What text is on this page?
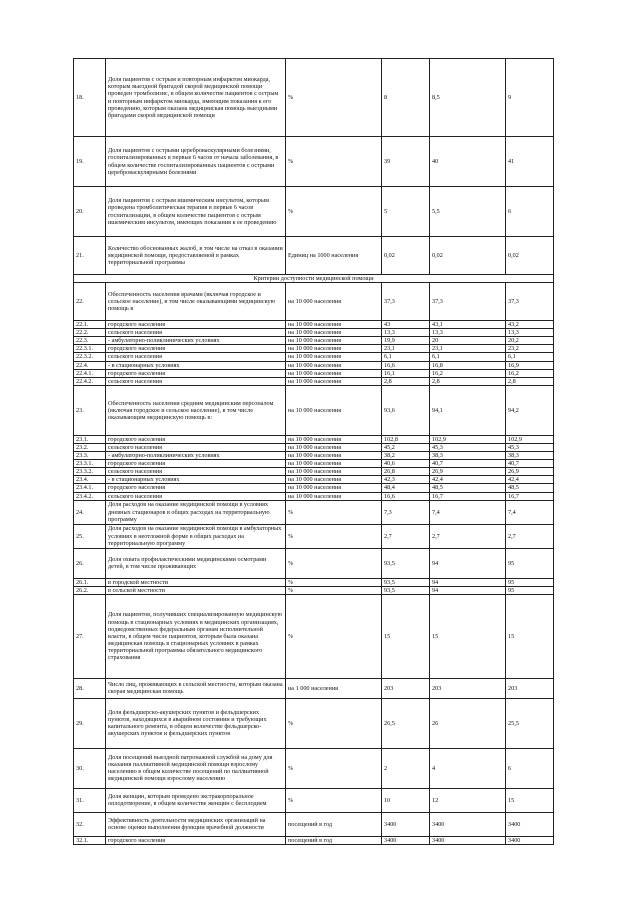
18.	Доля пациентов с острым и повторным инфарктом миокарда, которым выездной бригадой скорой медицинской помощи проведен тромболизис, в общем количестве пациентов с острым и повторным инфарктом миокарда, имеющим показания к его проведению, которым оказана медицинская помощь выездными бригадами скорой медицинской помощи	%	8	8,5	9
19.	Доля пациентов с острыми цереброваскулярными болезнями, госпитализированных в первые 6 часов от начала заболевания, в общем количестве госпитализированных пациентов с острыми цереброваскулярными болезнями	%	39	40	41
20.	Доля пациентов с острым ишемическим инсультом, которым проведена тромболитическая терапия в первые 6 часов госпитализации, в общем количестве пациентов с острым ишемическим инсультом, имеющих показания к ее проведению	%	5	5,5	6
21.	Количество обоснованных жалоб, в том числе на отказ в оказании медицинской помощи, предоставляемой в рамках территориальной программы	Единиц на 1000 населения	0,02	0,02	0,02
Критерии доступности медицинской помощи					
22.	Обеспеченность населения врачами (включая городское и сельское население), в том числе оказывающими медицинскую помощь в	на 10 000 населения	37,3	37,3	37,3
22.1.	городского населения	на 10 000 населения	43	43,1	43,2
22.2.	сельского населения	на 10 000 населения	13,3	13,3	13,3
22.3.	- амбулаторно-поликлинических условиях	на 10 000 населения	19,9	20	20,2
22.3.1.	городского населения	на 10 000 населения	23,1	23,1	23,2
22.3.2.	сельского населения	на 10 000 населения	6,1	6,1	6,1
22.4.	- в стационарных условиях	на 10 000 населения	16,6	16,8	16,9
22.4.1.	городского населения	на 10 000 населения	16,1	16,2	16,2
22.4.2.	сельского населения	на 10 000 населения	2,8	2,8	2,8
23.	Обеспеченность населения средним медицинским персоналом (включая городское и сельское население), в том числе оказывающим медицинскую помощь в:	на 10 000 населения	93,6	94,1	94,2
23.1.	городского населения	на 10 000 населения	102,8	102,9	102,9
23.2.	сельского населения	на 10 000 населения	45,2	45,3	45,3
23.3.	- амбулаторно-поликлинических условиях	на 10 000 населения	38,2	38,3	38,3
23.3.1.	городского населения	на 10 000 населения	40,6	40,7	40,7
23.3.2.	сельского населения	на 10 000 населения	26,8	26,9	26,9
23.4.	- в стационарных условиях	на 10 000 населения	42,3	42,4	42,4
23.4.1.	городского населения	на 10 000 населения	48,4	48,5	48,5
23.4.2.	сельского населения	на 10 000 населения	16,6	16,7	16,7
24.	Доля расходов на оказание медицинской помощи в условиях дневных стационаров в общих расходах на территориальную программу	%	7,3	7,4	7,4
25.	Доля расходов на оказание медицинской помощи в амбулаторных условиях в неотложной форме в общих расходах на территориальную программу	%	2,7	2,7	2,7
26.	Доля охвата профилактическими медицинскими осмотрами детей, в том числе проживающих	%	93,5	94	95
26.1.	в городской местности	%	93,5	94	95
26.2.	в сельской местности	%	93,5	94	95
27.	Доля пациентов, получивших специализированную медицинскую помощь в стационарных условиях в медицинских организациях, подведомственных федеральным органам исполнительной власти, в общем числе пациентов, которым была оказана медицинская помощь в стационарных условиях в рамках территориальной программы обязательного медицинского страхования	%	15	15	15
28.	Число лиц, проживающих в сельской местности, которым оказана скорая медицинская помощь	на 1 000 населения	203	203	203
29.	Доля фельдшерско-акушерских пунктов и фельдшерских пунктов, находящихся в аварийном состоянии и требующих капитального ремонта, в общем количестве фельдшерско-акушерских пунктов и фельдшерских пунктов	%	26,5	26	25,5
30.	Доля посещений выездной патронажной службой на дому для оказания паллиативной медицинской помощи взрослому населению в общем количестве посещений по паллиативной медицинской помощи взрослому населению	%	2	4	6
31.	Доля женщин, которым проведено экстракорпоральное оплодотворение, в общем количестве женщин с бесплодием	%	10	12	15
32.	Эффективность деятельности медицинских организаций на основе оценки выполнения функции врачебной должности	посещений в год	3400	3400	3400
32.1.	городского населения	посещений в год	3400	3400	3400
